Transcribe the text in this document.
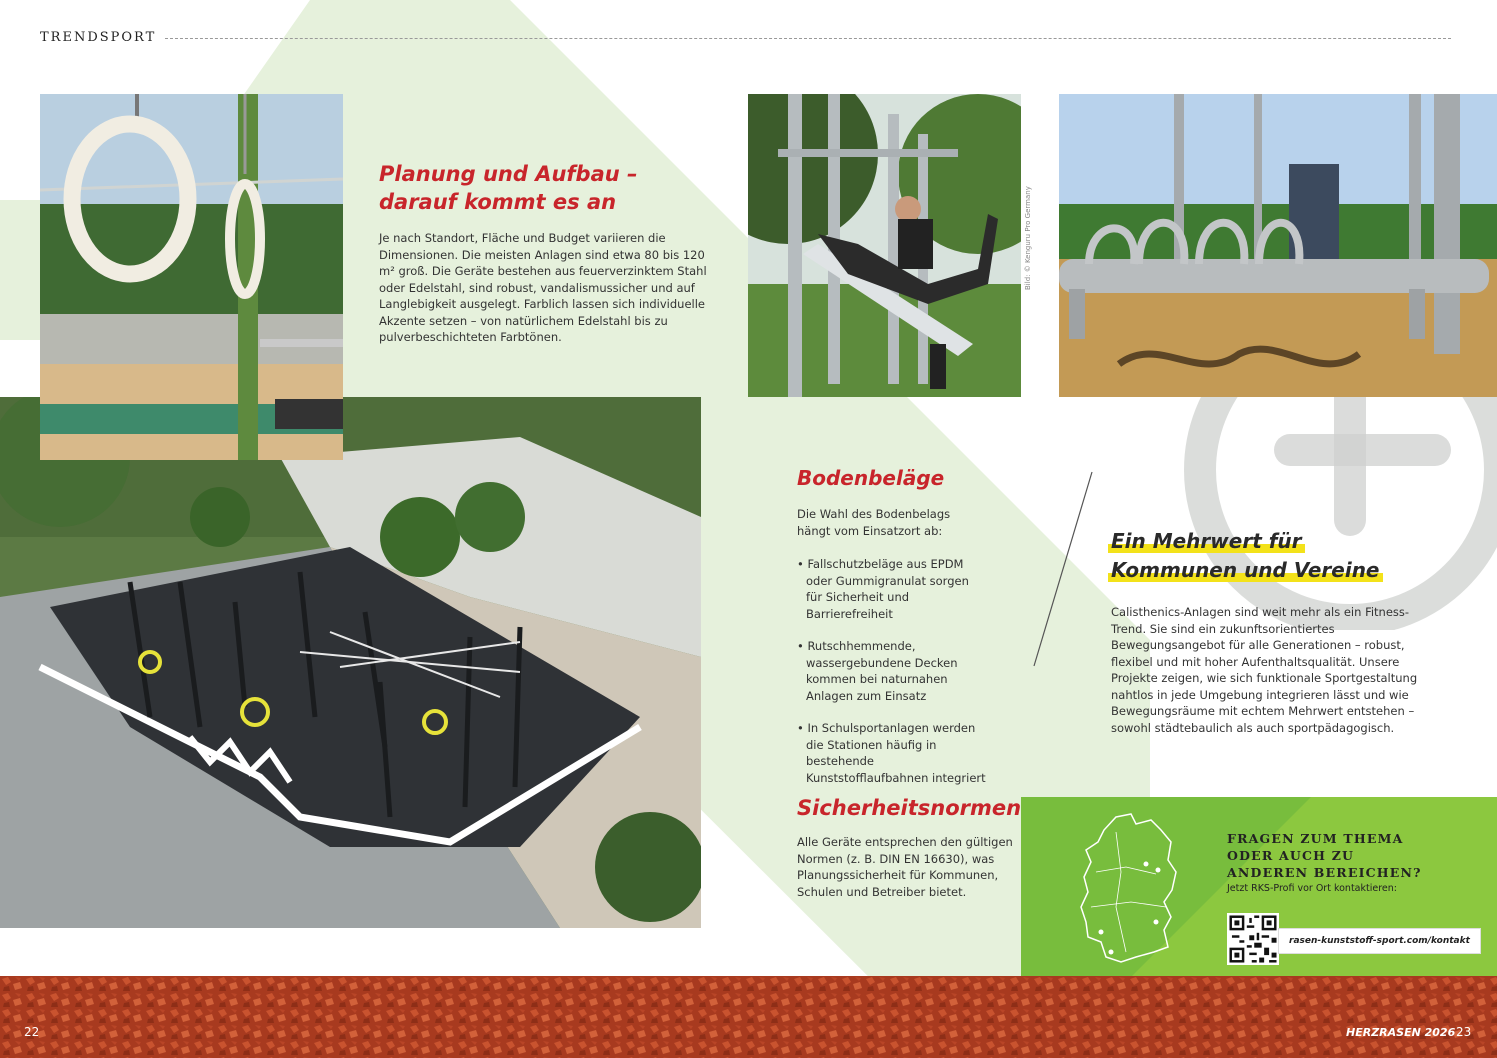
TRENDSPORT
Bild: © Kenguru Pro Germany
Planung und Aufbau – darauf kommt es an

Je nach Standort, Fläche und Budget variieren die Dimensionen. Die meisten Anlagen sind etwa 80 bis 120 m² groß. Die Geräte bestehen aus feuerverzinktem Stahl oder Edelstahl, sind robust, vandalismussicher und auf Langlebigkeit ausgelegt. Farblich lassen sich individuelle Akzente setzen – von natürlichem Edelstahl bis zu pulverbeschichteten Farbtönen.

Bodenbeläge

Die Wahl des Bodenbelags hängt vom Einsatzort ab:

• Fallschutzbeläge aus EPDM oder Gummigranulat sorgen für Sicherheit und Barrierefreiheit
• Rutschhemmende, wassergebundene Decken kommen bei naturnahen Anlagen zum Einsatz
• In Schulsportanlagen werden die Stationen häufig in bestehende Kunststofflaufbahnen integriert
Sicherheitsnormen

Alle Geräte entsprechen den gültigen Normen (z. B. DIN EN 16630), was Planungssicherheit für Kommunen, Schulen und Betreiber bietet.

Ein Mehrwert für
Kommunen und Vereine

Calisthenics-Anlagen sind weit mehr als ein Fitness-Trend. Sie sind ein zukunftsorientiertes Bewegungsangebot für alle Generationen – robust, flexibel und mit hoher Aufenthaltsqualität. Unsere Projekte zeigen, wie sich funktionale Sportgestaltung nahtlos in jede Umgebung integrieren lässt und wie Bewegungsräume mit echtem Mehrwert entstehen – sowohl städtebaulich als auch sportpädagogisch.

FRAGEN ZUM THEMA
ODER AUCH ZU
ANDEREN BEREICHEN?
Jetzt RKS-Profi vor Ort kontaktieren:
rasen-kunststoff-sport.com/kontakt
22	HERZRASEN 2026 23
